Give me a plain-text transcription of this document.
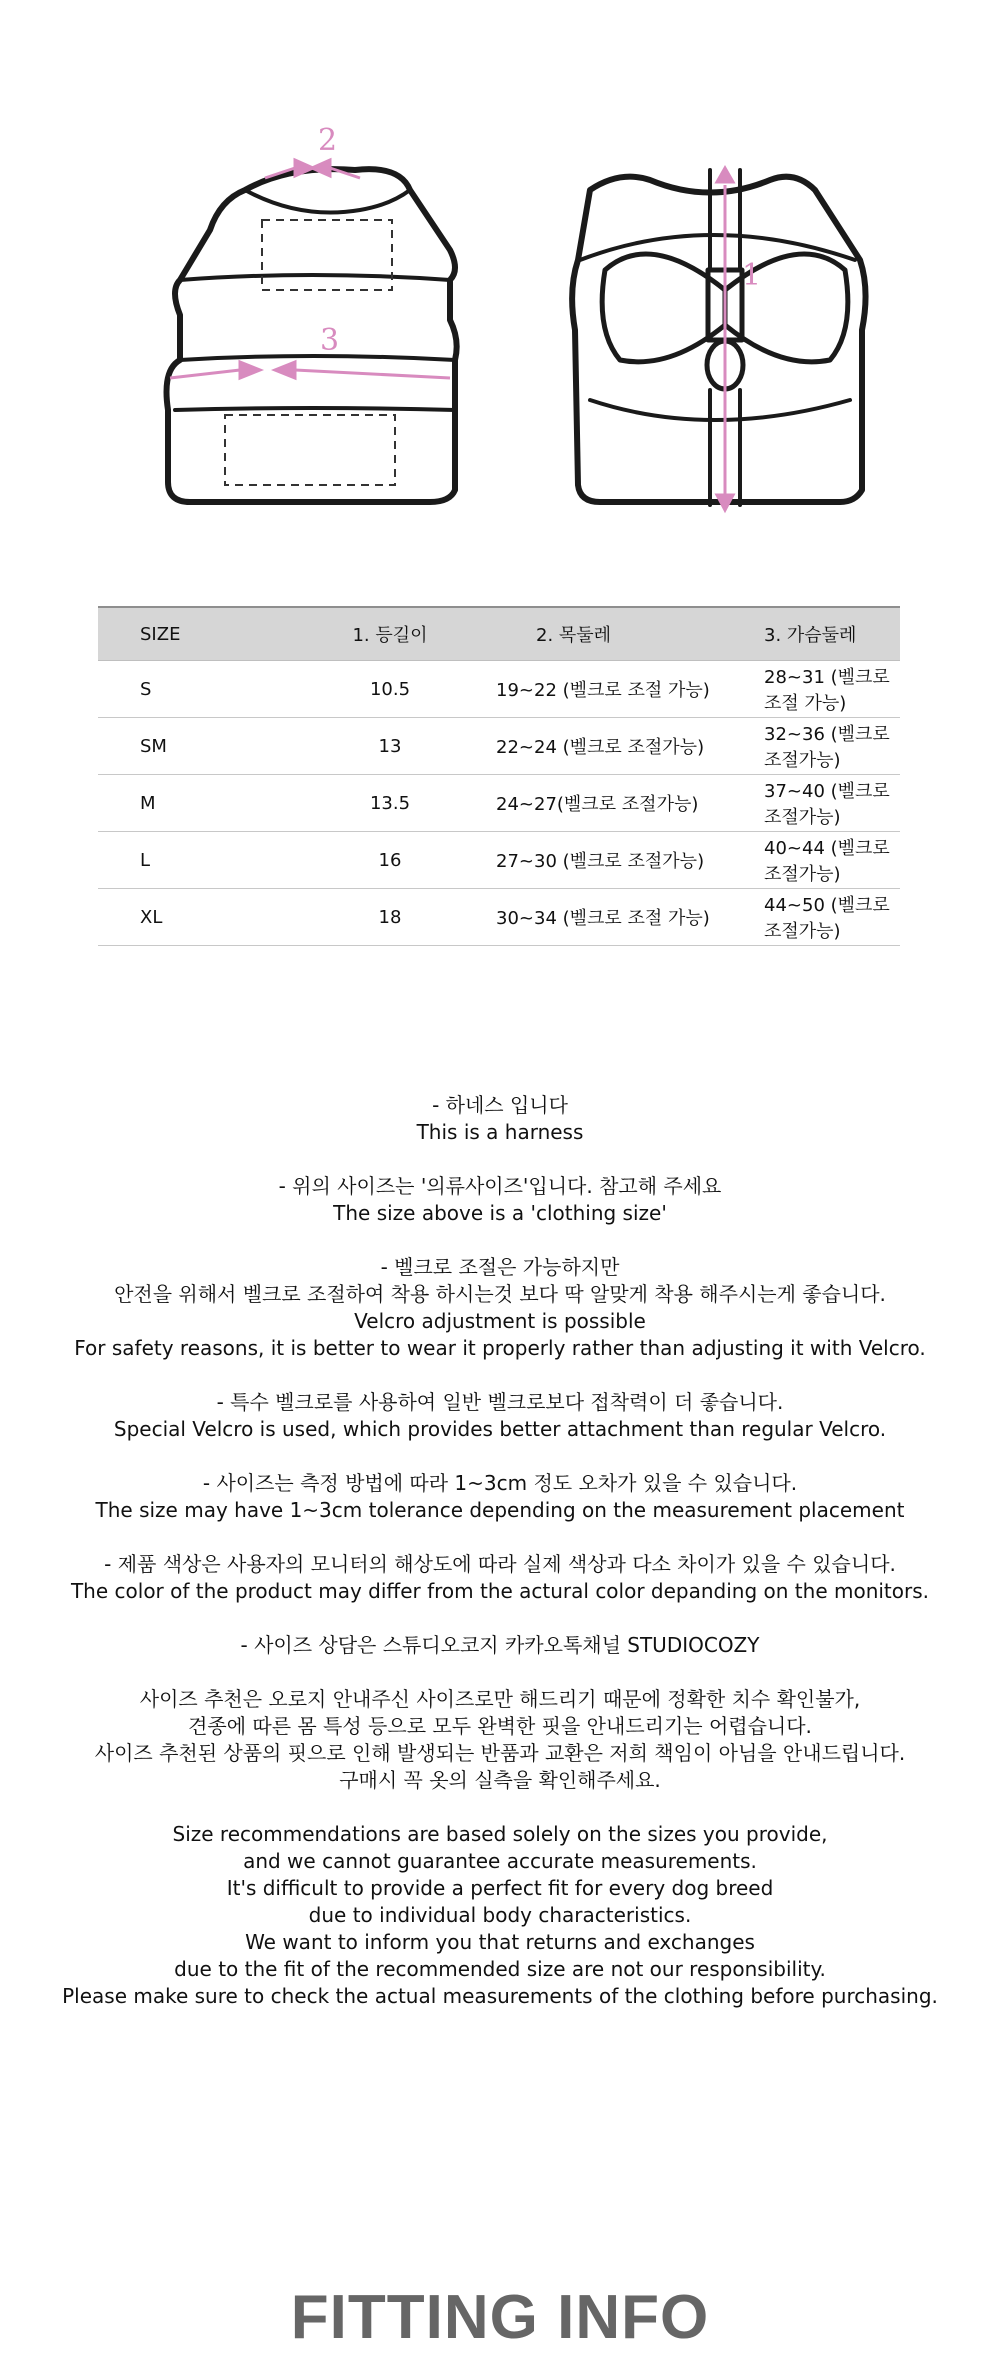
2
3
1
SIZE	1. 등길이	2. 목둘레	3. 가슴둘레
S	10.5	19~22 (벨크로 조절 가능)	28~31 (벨크로 조절 가능)
SM	13	22~24 (벨크로 조절가능)	32~36 (벨크로 조절가능)
M	13.5	24~27(벨크로 조절가능)	37~40 (벨크로 조절가능)
L	16	27~30 (벨크로 조절가능)	40~44 (벨크로 조절가능)
XL	18	30~34 (벨크로 조절 가능)	44~50 (벨크로 조절가능)

- 하네스 입니다
This is a harness

- 위의 사이즈는 '의류사이즈'입니다. 참고해 주세요
The size above is a 'clothing size'

- 벨크로 조절은 가능하지만
안전을 위해서 벨크로 조절하여 착용 하시는것 보다 딱 알맞게 착용 해주시는게 좋습니다.
Velcro adjustment is possible
For safety reasons, it is better to wear it properly rather than adjusting it with Velcro.

- 특수 벨크로를 사용하여 일반 벨크로보다 접착력이 더 좋습니다.
Special Velcro is used, which provides better attachment than regular Velcro.

- 사이즈는 측정 방법에 따라 1~3cm 정도 오차가 있을 수 있습니다.
The size may have 1~3cm tolerance depending on the measurement placement

- 제품 색상은 사용자의 모니터의 해상도에 따라 실제 색상과 다소 차이가 있을 수 있습니다.
The color of the product may differ from the actural color depanding on the monitors.

- 사이즈 상담은 스튜디오코지 카카오톡채널 STUDIOCOZY

사이즈 추천은 오로지 안내주신 사이즈로만 해드리기 때문에 정확한 치수 확인불가,
견종에 따른 몸 특성 등으로 모두 완벽한 핏을 안내드리기는 어렵습니다.
사이즈 추천된 상품의 핏으로 인해 발생되는 반품과 교환은 저희 책임이 아님을 안내드립니다.
구매시 꼭 옷의 실측을 확인해주세요.

Size recommendations are based solely on the sizes you provide,
and we cannot guarantee accurate measurements.
It's difficult to provide a perfect fit for every dog breed
due to individual body characteristics.
We want to inform you that returns and exchanges
due to the fit of the recommended size are not our responsibility.
Please make sure to check the actual measurements of the clothing before purchasing.

FITTING INFO
